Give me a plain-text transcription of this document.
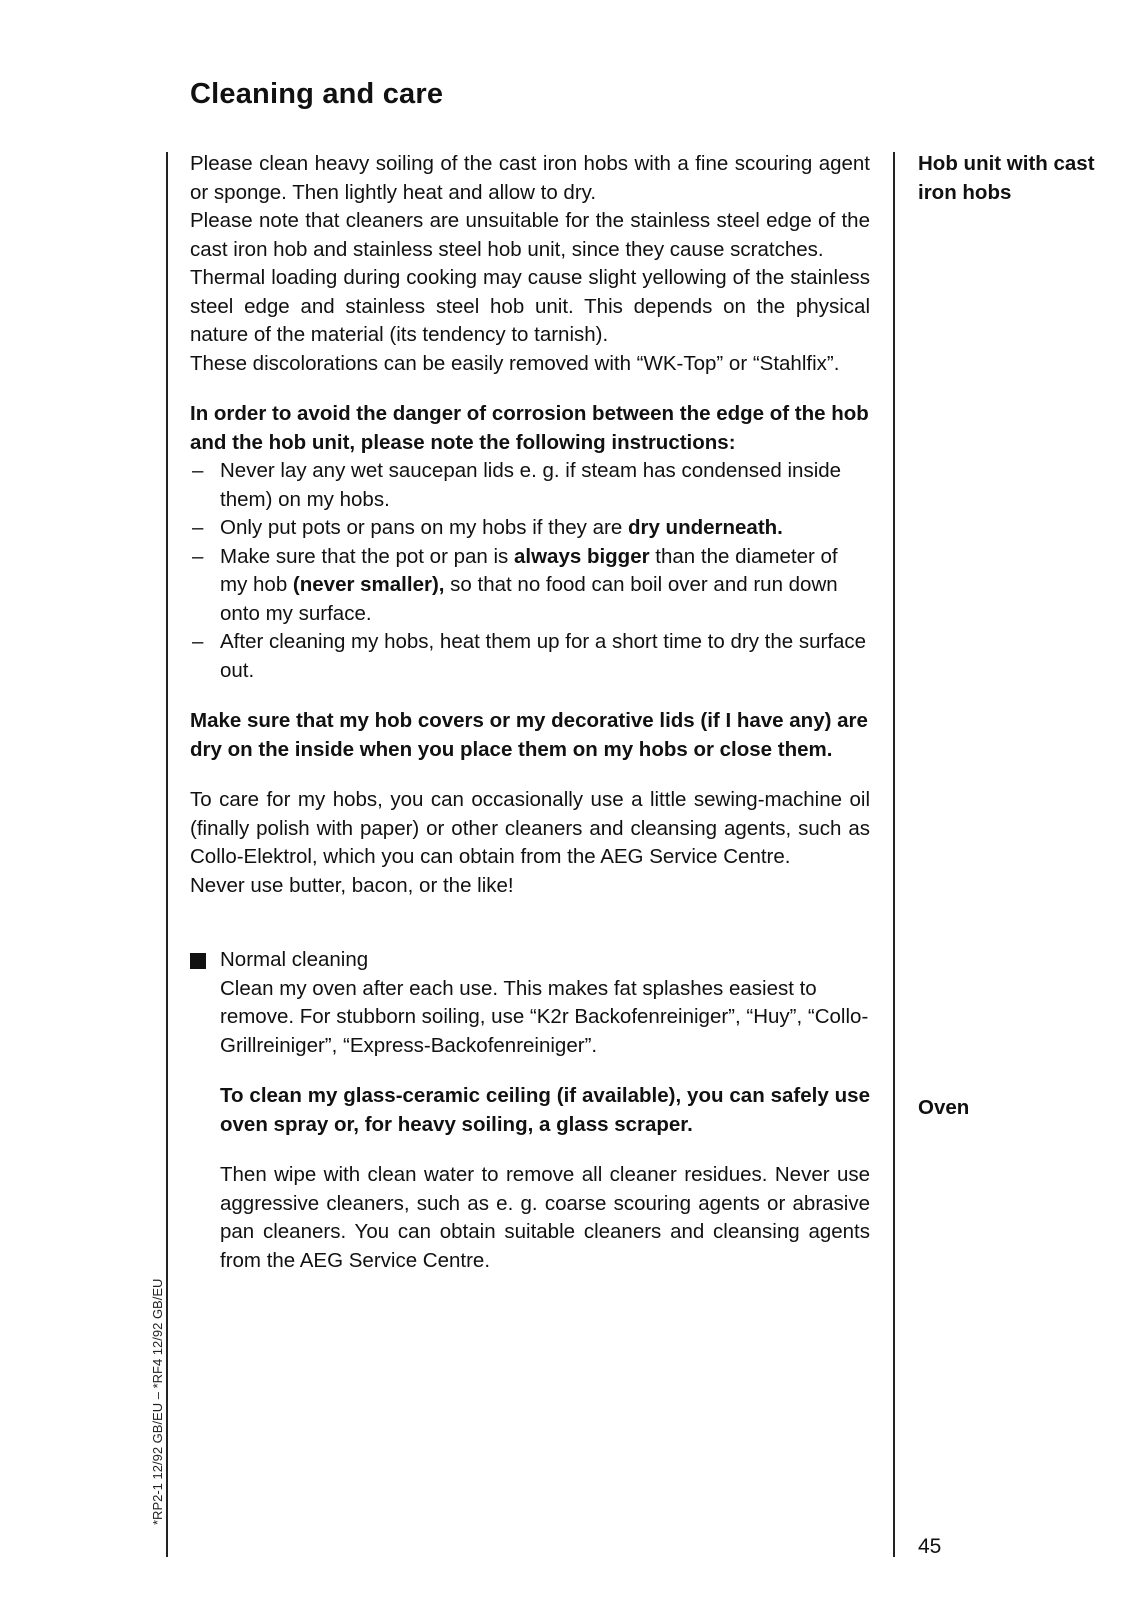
Cleaning and care

Please clean heavy soiling of the cast iron hobs with a fine scouring agent or sponge. Then lightly heat and allow to dry.

Please note that cleaners are unsuitable for the stainless steel edge of the cast iron hob and stainless steel hob unit, since they cause scratches.

Thermal loading during cooking may cause slight yellowing of the stainless steel edge and stainless steel hob unit. This depends on the physical nature of the material (its tendency to tarnish).

These discolorations can be easily removed with “WK-Top” or “Stahlfix”.

In order to avoid the danger of corrosion between the edge of the hob and the hob unit, please note the following instructions:

– Never lay any wet saucepan lids e. g. if steam has condensed inside them) on my hobs.
– Only put pots or pans on my hobs if they are dry underneath.
– Make sure that the pot or pan is always bigger than the diameter of my hob (never smaller), so that no food can boil over and run down onto my surface.
– After cleaning my hobs, heat them up for a short time to dry the surface out.

Make sure that my hob covers or my decorative lids (if I have any) are dry on the inside when you place them on my hobs or close them.

To care for my hobs, you can occasionally use a little sewing-machine oil (finally polish with paper) or other cleaners and cleansing agents, such as Collo-Elektrol, which you can obtain from the AEG Service Centre.

Never use butter, bacon, or the like!

Normal cleaning

Clean my oven after each use. This makes fat splashes easiest to remove. For stubborn soiling, use “K2r Backofenreiniger”, “Huy”, “Collo-Grillreiniger”, “Express-Backofenreiniger”.

To clean my glass-ceramic ceiling (if available), you can safely use oven spray or, for heavy soiling, a glass scraper.

Then wipe with clean water to remove all cleaner residues. Never use aggressive cleaners, such as e. g. coarse scouring agents or abrasive pan cleaners. You can obtain suitable cleaners and cleansing agents from the AEG Service Centre.

Hob unit with cast iron hobs
Oven
45
*RP2-1 12/92 GB/EU – *RF4 12/92 GB/EU
